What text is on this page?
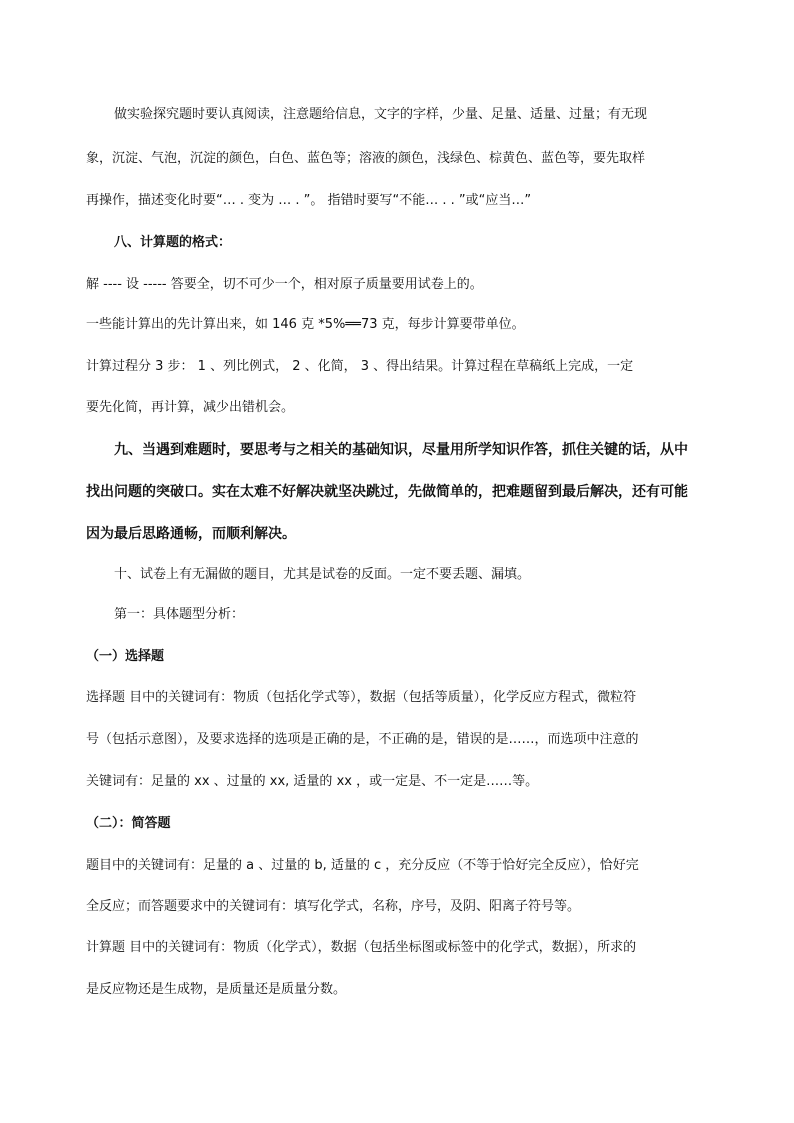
做实验探究题时要认真阅读，注意题给信息，文字的字样，少量、足量、适量、过量；有无现
象，沉淀、气泡，沉淀的颜色，白色、蓝色等；溶液的颜色，浅绿色、棕黄色、蓝色等，要先取样
再操作，描述变化时要“… . 变为 … . ”。 指错时要写“不能… . . ”或“应当…”
八、计算题的格式：
解 ---- 设 ----- 答要全，切不可少一个，相对原子质量要用试卷上的。
一些能计算出的先计算出来，如 146 克 *5%══73 克，每步计算要带单位。
计算过程分 3 步： 1 、列比例式， 2 、化简， 3 、得出结果。计算过程在草稿纸上完成，一定
要先化简，再计算，减少出错机会。
九、当遇到难题时，要思考与之相关的基础知识，尽量用所学知识作答，抓住关键的话，从中
找出问题的突破口。实在太难不好解决就坚决跳过，先做简单的，把难题留到最后解决，还有可能
因为最后思路通畅，而顺利解决。
十、试卷上有无漏做的题目，尤其是试卷的反面。一定不要丢题、漏填。
第一：具体题型分析：
（一）选择题
选择题 目中的关键词有：物质（包括化学式等），数据（包括等质量），化学反应方程式，微粒符
号（包括示意图），及要求选择的选项是正确的是，不正确的是，错误的是……，而选项中注意的
关键词有：足量的 xx 、过量的 xx, 适量的 xx ，或一定是、不一定是……等。
（二）：简答题
题目中的关键词有：足量的 a 、过量的 b, 适量的 c ，充分反应（不等于恰好完全反应），恰好完
全反应；而答题要求中的关键词有：填写化学式，名称，序号，及阴、阳离子符号等。
计算题 目中的关键词有：物质（化学式），数据（包括坐标图或标签中的化学式，数据），所求的
是反应物还是生成物，是质量还是质量分数。
